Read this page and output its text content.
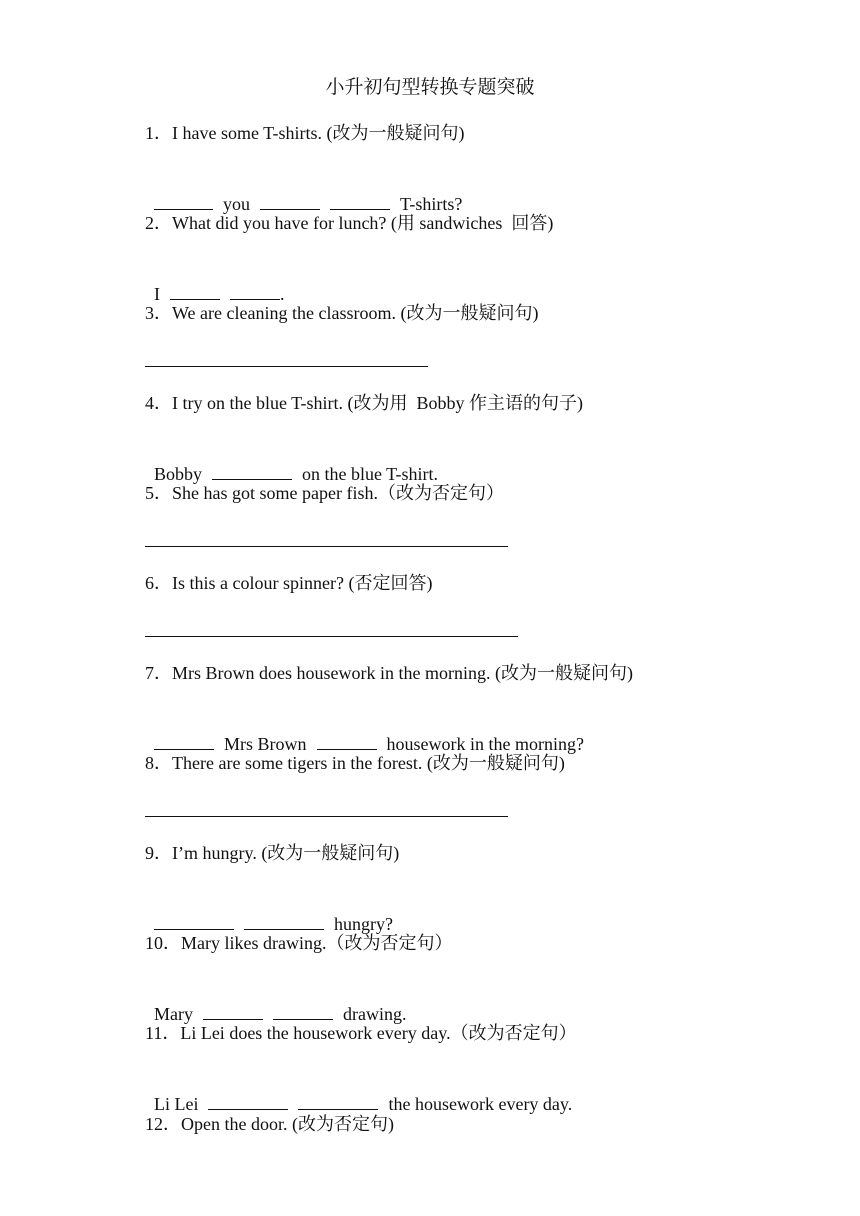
小升初句型转换专题突破
1．I have some T-shirts. (改为一般疑问句)

you	T-shirts?

2．What did you have for lunch? (用 sandwiches  回答)

I	.

3．We are cleaning the classroom. (改为一般疑问句)
4．I try on the blue T-shirt. (改为用  Bobby 作主语的句子)

Bobby	on the blue T-shirt.

5．She has got some paper fish.（改为否定句）
6．Is this a colour spinner? (否定回答)
7．Mrs Brown does housework in the morning. (改为一般疑问句)

Mrs Brown	housework in the morning?

8．There are some tigers in the forest. (改为一般疑问句)
9．I’m hungry. (改为一般疑问句)

hungry?

10．Mary likes drawing.（改为否定句）

Mary	drawing.

11．Li Lei does the housework every day.（改为否定句）

Li Lei	the housework every day.

12．Open the door. (改为否定句)
